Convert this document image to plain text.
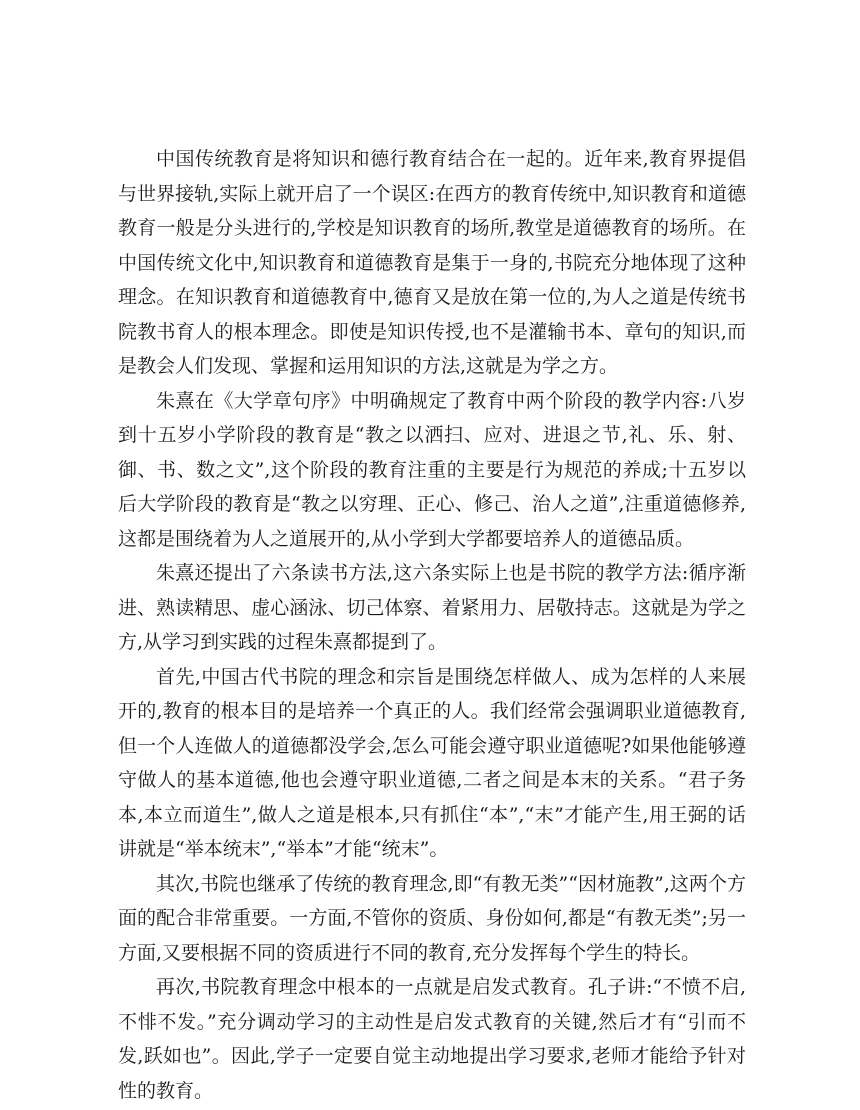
中国传统教育是将知识和德行教育结合在一起的。近年来,教育界提倡与世界接轨,实际上就开启了一个误区:在西方的教育传统中,知识教育和道德教育一般是分头进行的,学校是知识教育的场所,教堂是道德教育的场所。在中国传统文化中,知识教育和道德教育是集于一身的,书院充分地体现了这种理念。在知识教育和道德教育中,德育又是放在第一位的,为人之道是传统书院教书育人的根本理念。即使是知识传授,也不是灌输书本、章句的知识,而是教会人们发现、掌握和运用知识的方法,这就是为学之方。

朱熹在《大学章句序》中明确规定了教育中两个阶段的教学内容:八岁到十五岁小学阶段的教育是“教之以洒扫、应对、进退之节,礼、乐、射、御、书、数之文”,这个阶段的教育注重的主要是行为规范的养成;十五岁以后大学阶段的教育是“教之以穷理、正心、修己、治人之道”,注重道德修养,这都是围绕着为人之道展开的,从小学到大学都要培养人的道德品质。

朱熹还提出了六条读书方法,这六条实际上也是书院的教学方法:循序渐进、熟读精思、虚心涵泳、切己体察、着紧用力、居敬持志。这就是为学之方,从学习到实践的过程朱熹都提到了。

首先,中国古代书院的理念和宗旨是围绕怎样做人、成为怎样的人来展开的,教育的根本目的是培养一个真正的人。我们经常会强调职业道德教育,但一个人连做人的道德都没学会,怎么可能会遵守职业道德呢?如果他能够遵守做人的基本道德,他也会遵守职业道德,二者之间是本末的关系。“君子务本,本立而道生”,做人之道是根本,只有抓住“本”,“末”才能产生,用王弼的话讲就是“举本统末”,“举本”才能“统末”。

其次,书院也继承了传统的教育理念,即“有教无类”“因材施教”,这两个方面的配合非常重要。一方面,不管你的资质、身份如何,都是“有教无类”;另一方面,又要根据不同的资质进行不同的教育,充分发挥每个学生的特长。

再次,书院教育理念中根本的一点就是启发式教育。孔子讲:“不愤不启,不悱不发。”充分调动学习的主动性是启发式教育的关键,然后才有“引而不发,跃如也”。因此,学子一定要自觉主动地提出学习要求,老师才能给予针对性的教育。
